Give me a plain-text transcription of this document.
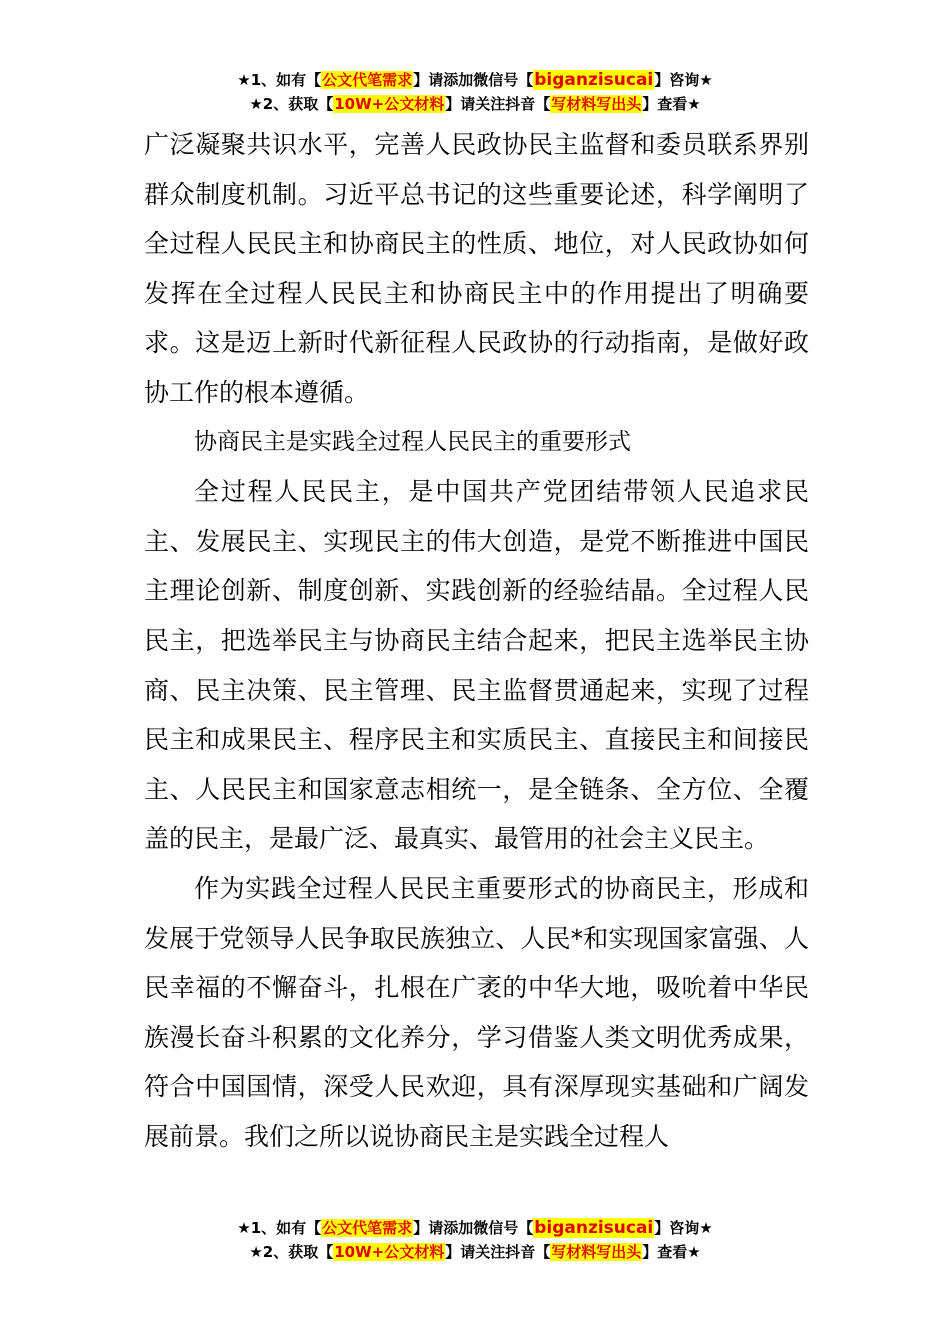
★1、如有【公文代笔需求】请添加微信号【biganzisucai】咨询★
★2、获取【10W+公文材料】请关注抖音【写材料写出头】查看★

广泛凝聚共识水平，完善人民政协民主监督和委员联系界别群众制度机制。习近平总书记的这些重要论述，科学阐明了全过程人民民主和协商民主的性质、地位，对人民政协如何发挥在全过程人民民主和协商民主中的作用提出了明确要求。这是迈上新时代新征程人民政协的行动指南，是做好政协工作的根本遵循。

协商民主是实践全过程人民民主的重要形式

全过程人民民主，是中国共产党团结带领人民追求民主、发展民主、实现民主的伟大创造，是党不断推进中国民主理论创新、制度创新、实践创新的经验结晶。全过程人民民主，把选举民主与协商民主结合起来，把民主选举民主协商、民主决策、民主管理、民主监督贯通起来，实现了过程民主和成果民主、程序民主和实质民主、直接民主和间接民主、人民民主和国家意志相统一，是全链条、全方位、全覆盖的民主，是最广泛、最真实、最管用的社会主义民主。

作为实践全过程人民民主重要形式的协商民主，形成和发展于党领导人民争取民族独立、人民*和实现国家富强、人民幸福的不懈奋斗，扎根在广袤的中华大地，吸吮着中华民族漫长奋斗积累的文化养分，学习借鉴人类文明优秀成果，符合中国国情，深受人民欢迎，具有深厚现实基础和广阔发展前景。我们之所以说协商民主是实践全过程人

★1、如有【公文代笔需求】请添加微信号【biganzisucai】咨询★
★2、获取【10W+公文材料】请关注抖音【写材料写出头】查看★
